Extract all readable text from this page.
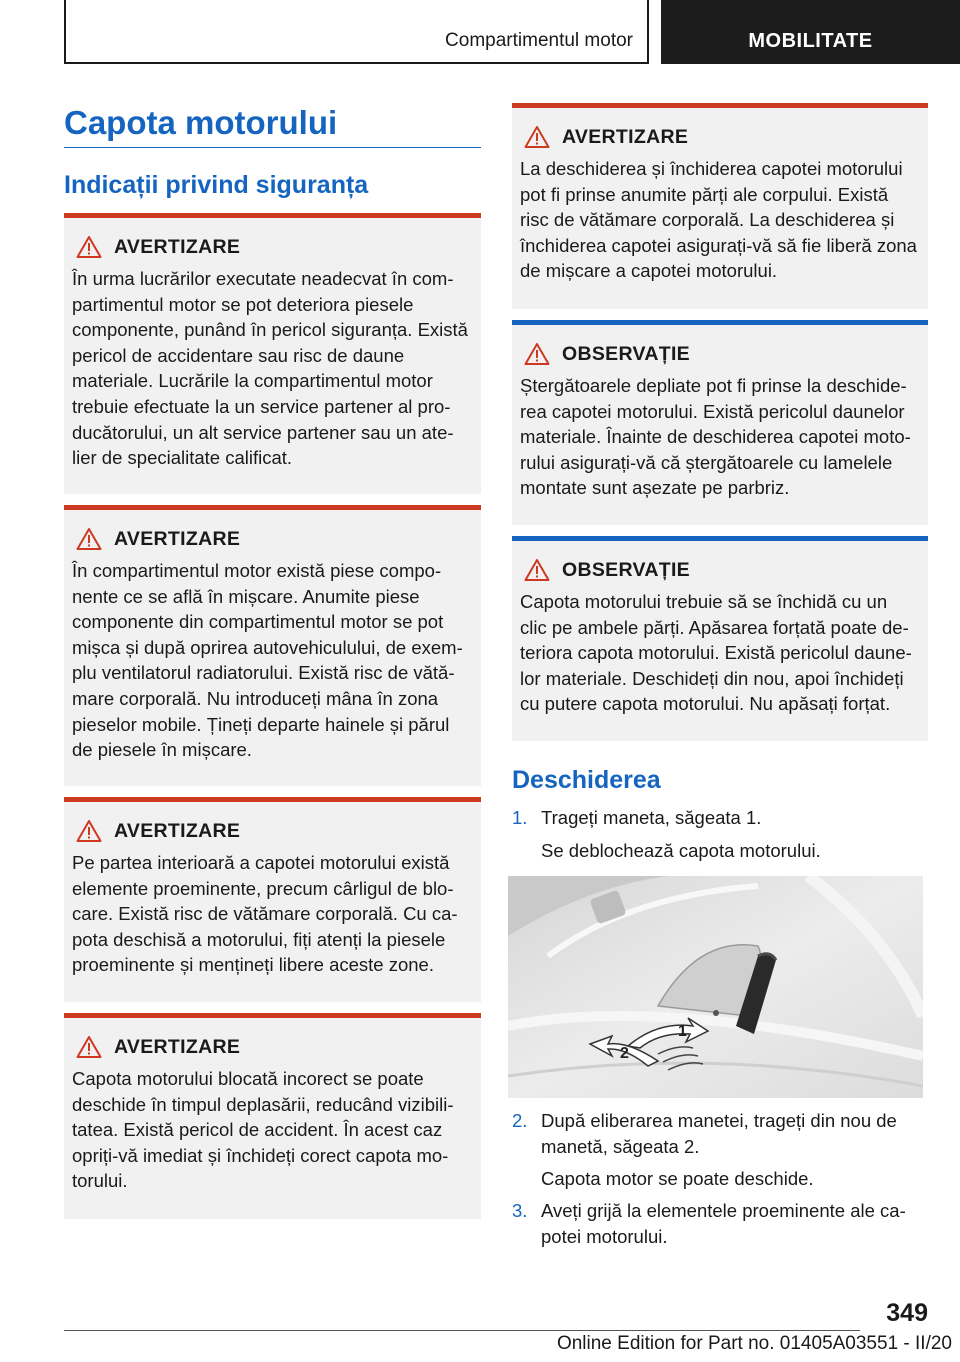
Compartimentul motor	MOBILITATE
Capota motorului
Indicații privind siguranța
AVERTIZARE

În urma lucrărilor executate neadecvat în com-partimentul motor se pot deteriora piesele componente, punând în pericol siguranța. Există pericol de accidentare sau risc de daune materiale. Lucrările la compartimentul motor trebuie efectuate la un service partener al pro-ducătorului, un alt service partener sau un ate-lier de specialitate calificat.

AVERTIZARE

În compartimentul motor există piese compo-nente ce se află în mișcare. Anumite piese componente din compartimentul motor se pot mișca și după oprirea autovehiculului, de exem-plu ventilatorul radiatorului. Există risc de vătă-mare corporală. Nu introduceți mâna în zona pieselor mobile. Țineți departe hainele și părul de piesele în mișcare.

AVERTIZARE

Pe partea interioară a capotei motorului există elemente proeminente, precum cârligul de blo-care. Există risc de vătămare corporală. Cu ca-pota deschisă a motorului, fiți atenți la piesele proeminente și mențineți libere aceste zone.

AVERTIZARE

Capota motorului blocată incorect se poate deschide în timpul deplasării, reducând vizibili-tatea. Există pericol de accident. În acest caz opriți-vă imediat și închideți corect capota mo-torului.

AVERTIZARE

La deschiderea și închiderea capotei motorului pot fi prinse anumite părți ale corpului. Există risc de vătămare corporală. La deschiderea și închiderea capotei asigurați-vă să fie liberă zona de mișcare a capotei motorului.

OBSERVAȚIE

Ștergătoarele depliate pot fi prinse la deschide-rea capotei motorului. Există pericolul daunelor materiale. Înainte de deschiderea capotei moto-rului asigurați-vă că ștergătoarele cu lamelele montate sunt așezate pe parbriz.

OBSERVAȚIE

Capota motorului trebuie să se închidă cu un clic pe ambele părți. Apăsarea forțată poate de-teriora capota motorului. Există pericolul daune-lor materiale. Deschideți din nou, apoi închideți cu putere capota motorului. Nu apăsați forțat.

Deschiderea
1. Trageți maneta, săgeata 1.
Se deblochează capota motorului.
1
2
2. După eliberarea manetei, trageți din nou de manetă, săgeata 2.
Capota motor se poate deschide.
3. Aveți grijă la elementele proeminente ale ca-potei motorului.
349
Online Edition for Part no. 01405A03551 - II/20
